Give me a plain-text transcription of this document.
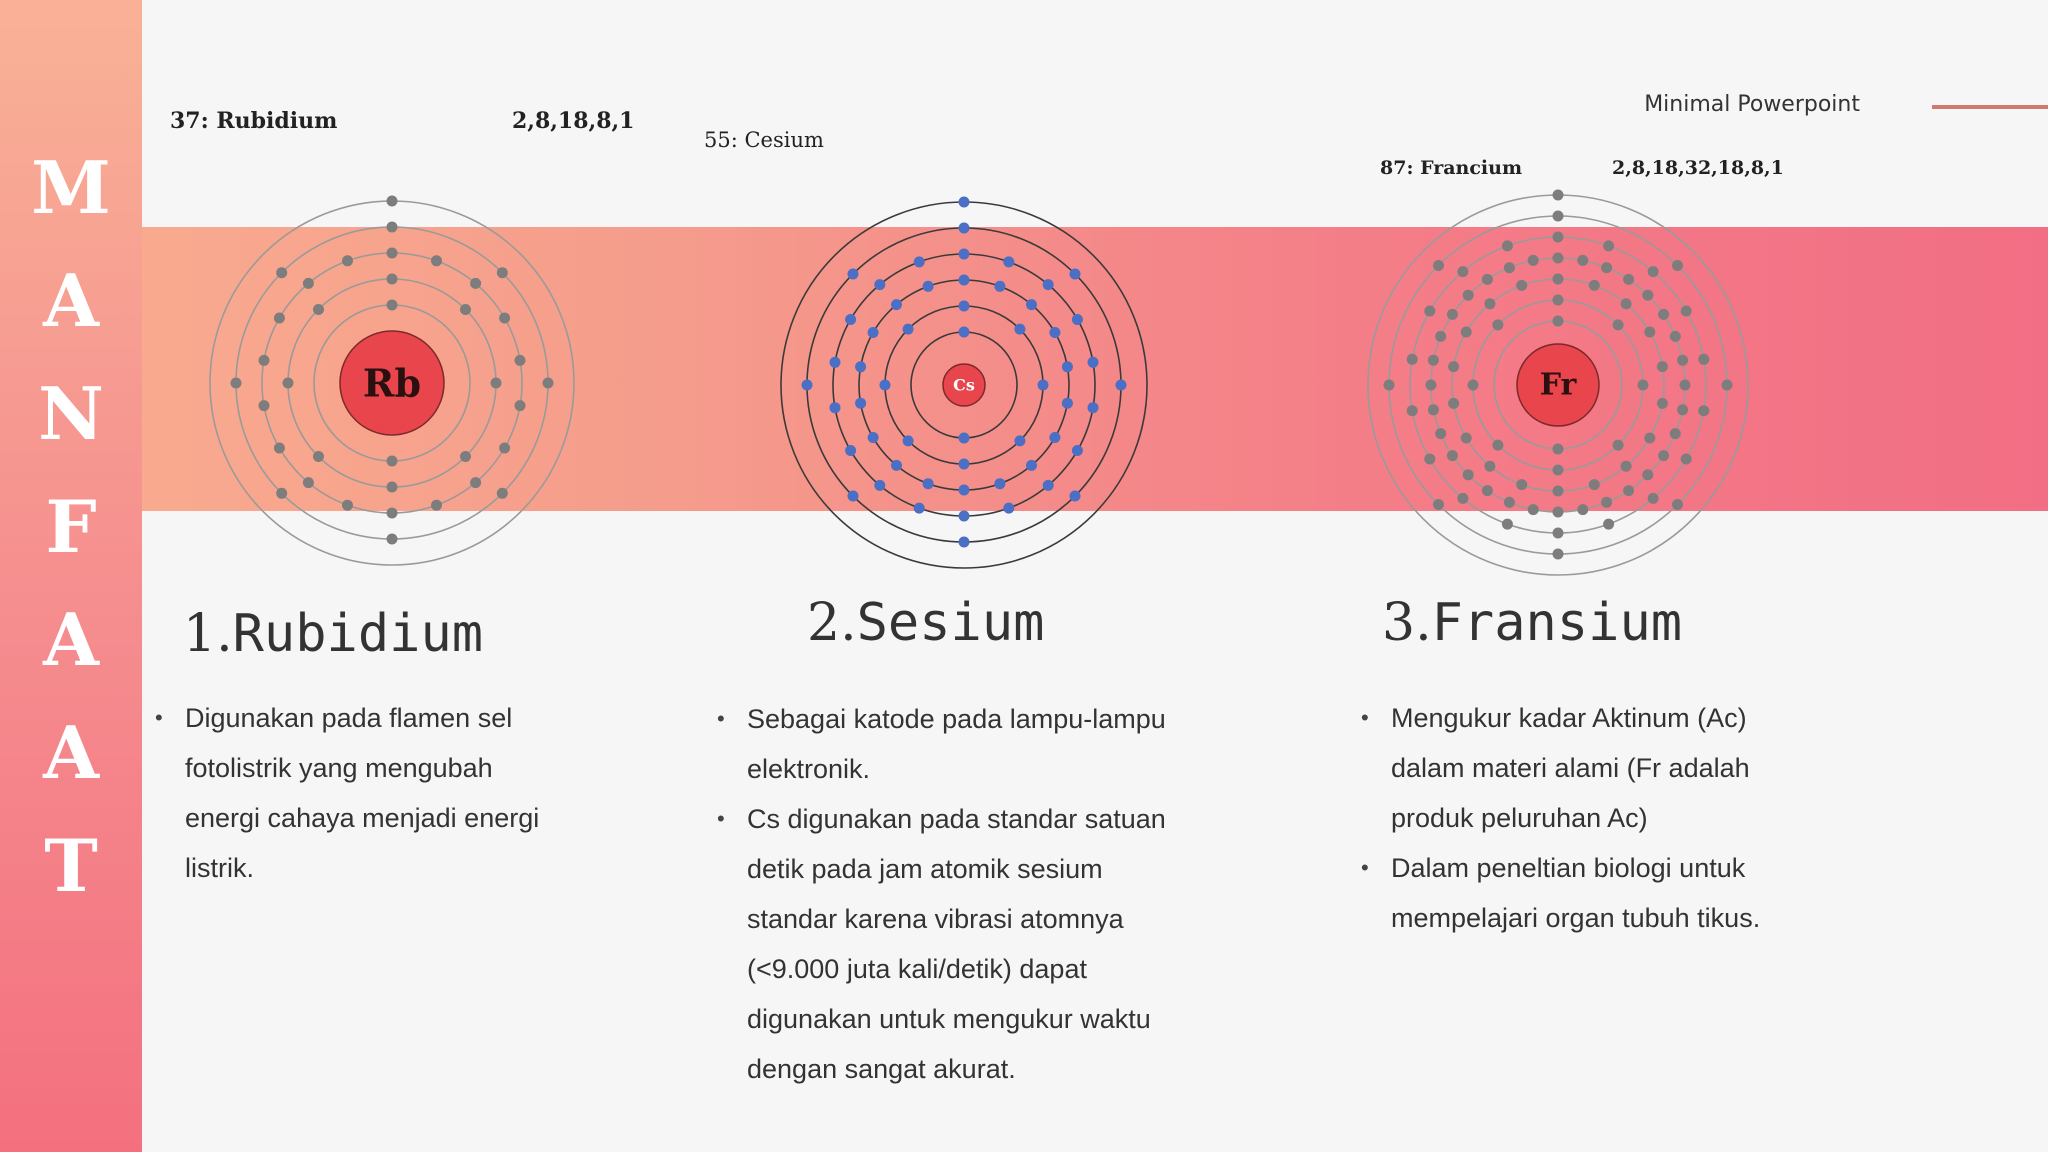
M
A
N
F
A
A
T
Minimal Powerpoint
37: Rubidium	2,8,18,8,1
Rb
55: Cesium
Cs
87: Francium	2,8,18,32,18,8,1
Fr
1.Rubidium	2.Sesium	3.Fransium
• Digunakan pada flamen sel fotolistrik yang mengubah energi cahaya menjadi energi listrik.
• Sebagai katode pada lampu-lampu elektronik.
• Cs digunakan pada standar satuan detik pada jam atomik sesium standar karena vibrasi atomnya (<9.000 juta kali/detik) dapat digunakan untuk mengukur waktu dengan sangat akurat.
• Mengukur kadar Aktinum (Ac) dalam materi alami (Fr adalah produk peluruhan Ac)
• Dalam peneltian biologi untuk mempelajari organ tubuh tikus.
